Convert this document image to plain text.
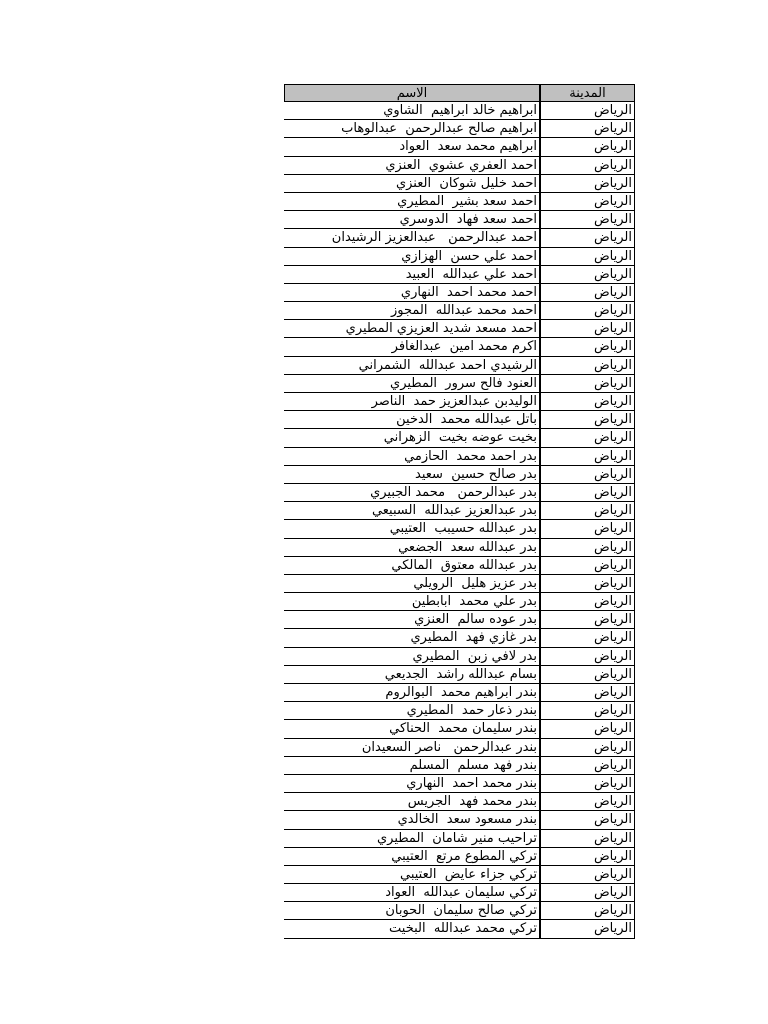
المدينة
الاسم
الرياض
ابراهيم خالد ابراهيم  الشاوي
الرياض
ابراهيم صالح عبدالرحمن  عبدالوهاب
الرياض
ابراهيم محمد سعد  العواد
الرياض
احمد العفري عشوي  العنزي
الرياض
احمد خليل شوكان  العنزي
الرياض
احمد سعد بشير  المطيري
الرياض
احمد سعد فهاد  الدوسري
الرياض
احمد عبدالرحمن   عبدالعزيز الرشيدان
الرياض
احمد علي حسن  الهزازي
الرياض
احمد علي عبدالله  العبيد
الرياض
احمد محمد احمد  النهاري
الرياض
احمد محمد عبدالله  المجوز
الرياض
احمد مسعد شديد العزيزي المطيري
الرياض
اكرم محمد امين  عبدالغافر
الرياض
الرشيدي احمد عبدالله  الشمراني
الرياض
العنود فالح سرور  المطيري
الرياض
الوليدبن عبدالعزيز حمد  الناصر
الرياض
باتل عبدالله محمد  الدخين
الرياض
بخيت عوضه بخيت  الزهراني
الرياض
بدر احمد محمد  الحازمي
الرياض
بدر صالح حسين  سعيد
الرياض
بدر عبدالرحمن   محمد الجبيري
الرياض
بدر عبدالعزيز عبدالله  السبيعي
الرياض
بدر عبدالله حسيبب  العتيبي
الرياض
بدر عبدالله سعد  الجضعي
الرياض
بدر عبدالله معتوق  المالكي
الرياض
بدر عزيز هليل  الرويلي
الرياض
بدر علي محمد  ابابطين
الرياض
بدر عوده سالم  العنزي
الرياض
بدر غازي فهد  المطيري
الرياض
بدر لافي زبن  المطيري
الرياض
بسام عبدالله راشد  الجديعي
الرياض
بندر ابراهيم محمد  البوالروم
الرياض
بندر ذعار حمد  المطيري
الرياض
بندر سليمان محمد  الحناكي
الرياض
بندر عبدالرحمن   ناصر السعيدان
الرياض
بندر فهد مسلم  المسلم
الرياض
بندر محمد احمد  النهاري
الرياض
بندر محمد فهد  الجريس
الرياض
بندر مسعود سعد  الخالدي
الرياض
تراحيب منير شامان  المطيري
الرياض
تركي المطوع مرتع  العتيبي
الرياض
تركي جزاء عايض  العتيبي
الرياض
تركي سليمان عبدالله  العواد
الرياض
تركي صالح سليمان  الحوبان
الرياض
تركي محمد عبدالله  البخيت
